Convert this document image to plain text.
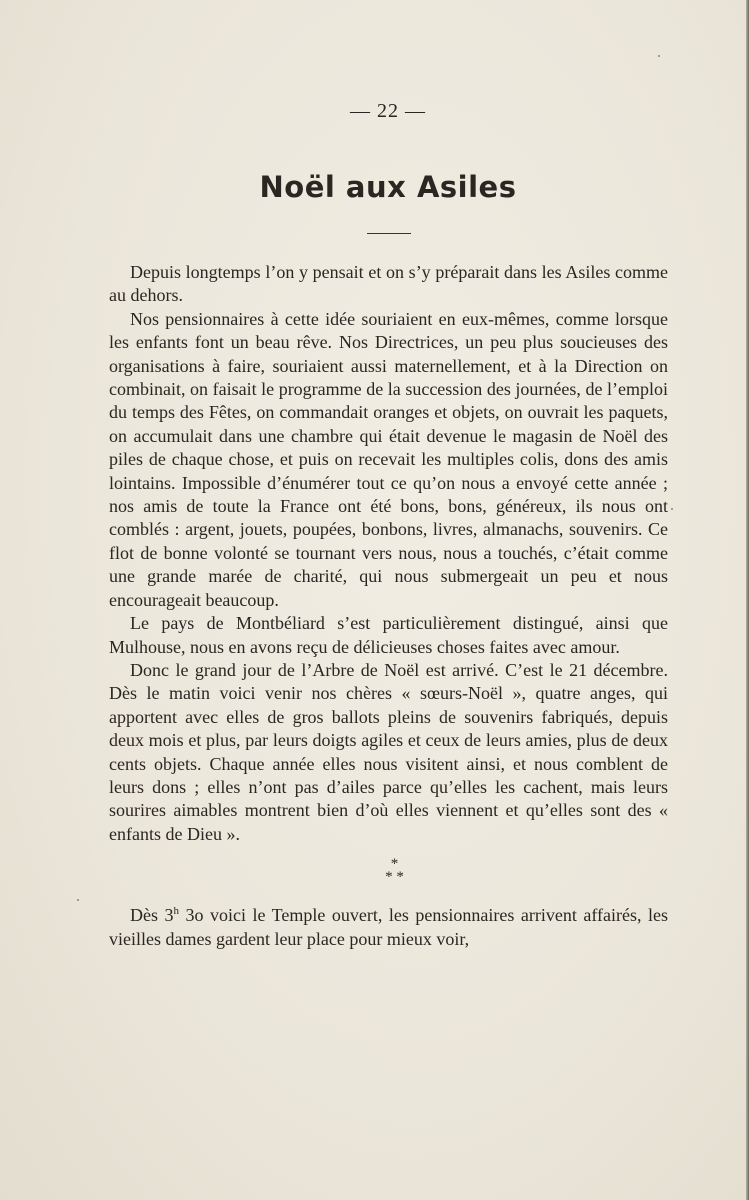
— 22 —
Noël aux Asiles

Depuis longtemps l’on y pensait et on s’y préparait dans les Asiles comme au dehors.

Nos pensionnaires à cette idée souriaient en eux-mêmes, comme lorsque les enfants font un beau rêve. Nos Directrices, un peu plus soucieuses des organisations à faire, souriaient aussi maternellement, et à la Direction on combinait, on faisait le programme de la succession des journées, de l’emploi du temps des Fêtes, on commandait oranges et objets, on ouvrait les paquets, on accumulait dans une chambre qui était devenue le magasin de Noël des piles de chaque chose, et puis on recevait les multiples colis, dons des amis lointains. Impossible d’énumérer tout ce qu’on nous a envoyé cette année ; nos amis de toute la France ont été bons, bons, généreux, ils nous ont comblés : argent, jouets, poupées, bonbons, livres, almanachs, souvenirs. Ce flot de bonne volonté se tournant vers nous, nous a touchés, c’était comme une grande marée de charité, qui nous submergeait un peu et nous encourageait beaucoup.

Le pays de Montbéliard s’est particulièrement distingué, ainsi que Mulhouse, nous en avons reçu de délicieuses choses faites avec amour.

Donc le grand jour de l’Arbre de Noël est arrivé. C’est le 21 décembre. Dès le matin voici venir nos chères « sœurs-Noël », quatre anges, qui apportent avec elles de gros ballots pleins de souvenirs fabriqués, depuis deux mois et plus, par leurs doigts agiles et ceux de leurs amies, plus de deux cents objets. Chaque année elles nous visitent ainsi, et nous comblent de leurs dons ; elles n’ont pas d’ailes parce qu’elles les cachent, mais leurs sourires aimables montrent bien d’où elles viennent et qu’elles sont des « enfants de Dieu ».

*
* *

Dès 3$^h$ 3o voici le Temple ouvert, les pensionnaires arrivent affairés, les vieilles dames gardent leur place pour mieux voir,
